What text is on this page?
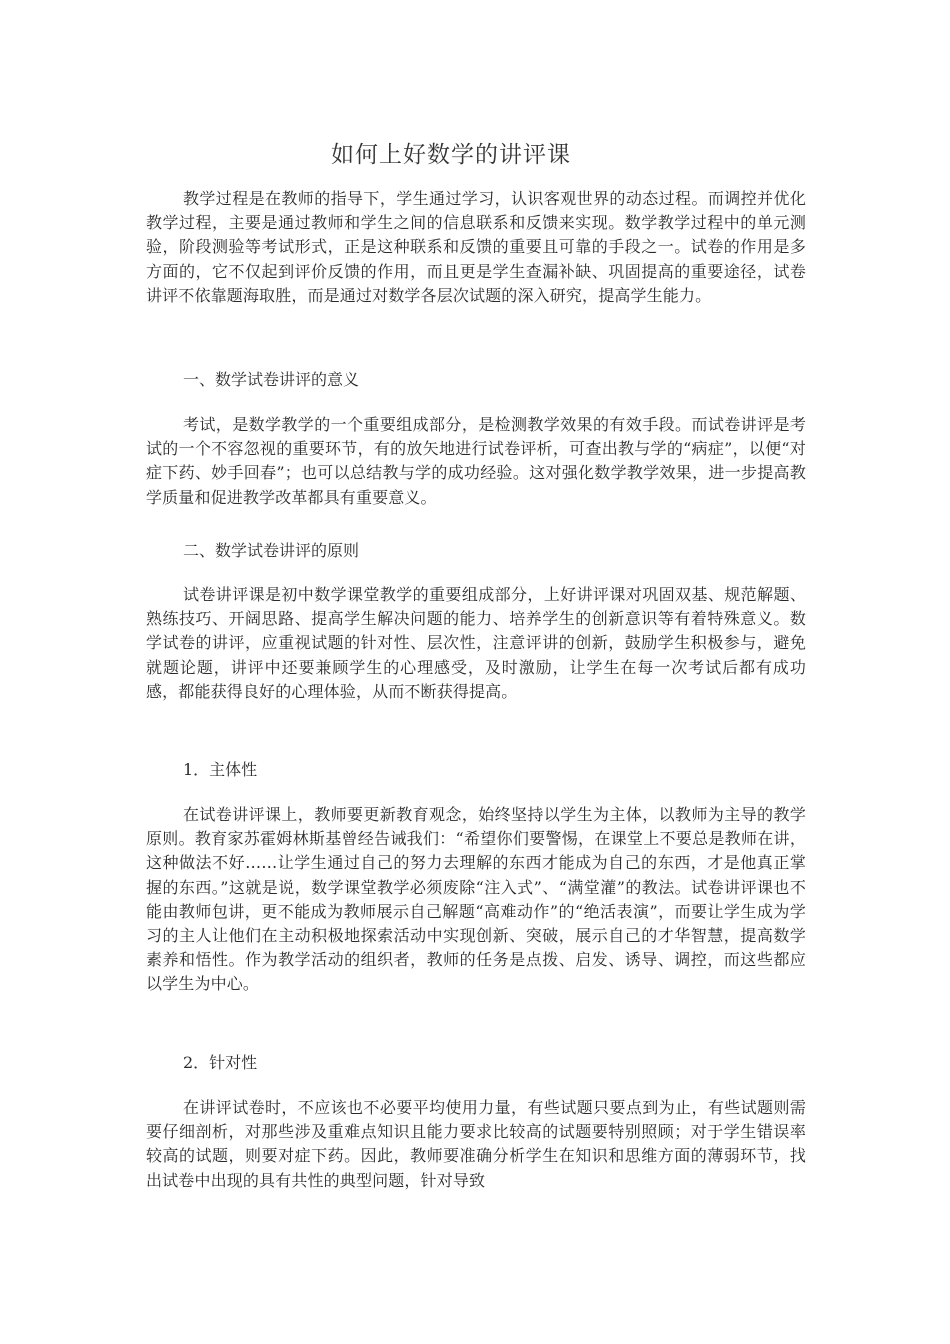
如何上好数学的讲评课

教学过程是在教师的指导下，学生通过学习，认识客观世界的动态过程。而调控并优化教学过程，主要是通过教师和学生之间的信息联系和反馈来实现。数学教学过程中的单元测验，阶段测验等考试形式，正是这种联系和反馈的重要且可靠的手段之一。试卷的作用是多方面的，它不仅起到评价反馈的作用，而且更是学生查漏补缺、巩固提高的重要途径，试卷讲评不依靠题海取胜，而是通过对数学各层次试题的深入研究，提高学生能力。

一、数学试卷讲评的意义

考试，是数学教学的一个重要组成部分，是检测教学效果的有效手段。而试卷讲评是考试的一个不容忽视的重要环节，有的放矢地进行试卷评析，可查出教与学的“病症”，以便“对症下药、妙手回春”；也可以总结教与学的成功经验。这对强化数学教学效果，进一步提高教学质量和促进教学改革都具有重要意义。

二、数学试卷讲评的原则

试卷讲评课是初中数学课堂教学的重要组成部分，上好讲评课对巩固双基、规范解题、熟练技巧、开阔思路、提高学生解决问题的能力、培养学生的创新意识等有着特殊意义。数学试卷的讲评，应重视试题的针对性、层次性，注意评讲的创新，鼓励学生积极参与，避免就题论题，讲评中还要兼顾学生的心理感受，及时激励，让学生在每一次考试后都有成功感，都能获得良好的心理体验，从而不断获得提高。

1．主体性

在试卷讲评课上，教师要更新教育观念，始终坚持以学生为主体，以教师为主导的教学原则。教育家苏霍姆林斯基曾经告诫我们：“希望你们要警惕，在课堂上不要总是教师在讲，这种做法不好……让学生通过自己的努力去理解的东西才能成为自己的东西，才是他真正掌握的东西。”这就是说，数学课堂教学必须废除“注入式”、“满堂灌”的教法。试卷讲评课也不能由教师包讲，更不能成为教师展示自己解题“高难动作”的“绝活表演”，而要让学生成为学习的主人让他们在主动积极地探索活动中实现创新、突破，展示自己的才华智慧，提高数学素养和悟性。作为教学活动的组织者，教师的任务是点拨、启发、诱导、调控，而这些都应以学生为中心。

2．针对性

在讲评试卷时，不应该也不必要平均使用力量，有些试题只要点到为止，有些试题则需要仔细剖析，对那些涉及重难点知识且能力要求比较高的试题要特别照顾；对于学生错误率较高的试题，则要对症下药。因此，教师要准确分析学生在知识和思维方面的薄弱环节，找出试卷中出现的具有共性的典型问题，针对导致
